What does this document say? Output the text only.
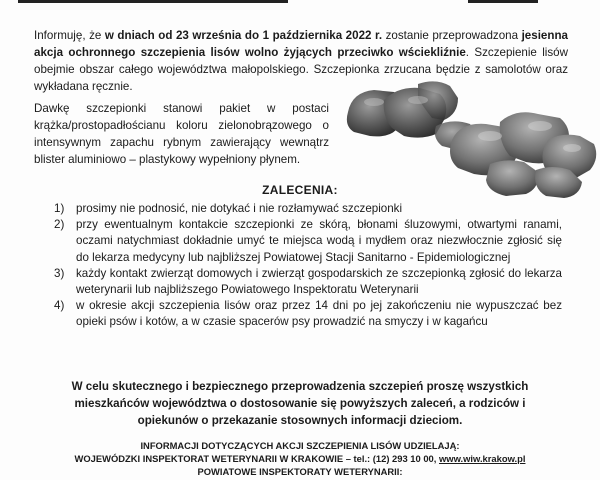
Informuję, że w dniach od 23 września do 1 października 2022 r. zostanie przeprowadzona jesienna akcja ochronnego szczepienia lisów wolno żyjących przeciwko wściekliźnie. Szczepienie lisów obejmie obszar całego województwa małopolskiego. Szczepionka zrzucana będzie z samolotów oraz wykładana ręcznie.

Dawkę szczepionki stanowi pakiet w postaci krążka/prostopadłościanu koloru zielonobrązowego o intensywnym zapachu rybnym zawierający wewnątrz blister aluminiowo – plastykowy wypełniony płynem.

ZALECENIA:
1) prosimy nie podnosić, nie dotykać i nie rozłamywać szczepionki
2) przy ewentualnym kontakcie szczepionki ze skórą, błonami śluzowymi, otwartymi ranami, oczami natychmiast dokładnie umyć te miejsca wodą i mydłem oraz niezwłocznie zgłosić się do lekarza medycyny lub najbliższej Powiatowej Stacji Sanitarno - Epidemiologicznej
3) każdy kontakt zwierząt domowych i zwierząt gospodarskich ze szczepionką zgłosić do lekarza weterynarii lub najbliższego Powiatowego Inspektoratu Weterynarii
4) w okresie akcji szczepienia lisów oraz przez 14 dni po jej zakończeniu nie wypuszczać bez opieki psów i kotów, a w czasie spacerów psy prowadzić na smyczy i w kagańcu

W celu skutecznego i bezpiecznego przeprowadzenia szczepień proszę wszystkich mieszkańców województwa o dostosowanie się powyższych zaleceń, a rodziców i opiekunów o przekazanie stosownych informacji dzieciom.

INFORMACJI DOTYCZĄCYCH AKCJI SZCZEPIENIA LISÓW UDZIELAJĄ:

WOJEWÓDZKI INSPEKTORAT WETERYNARII W KRAKOWIE – tel.: (12) 293 10 00, www.wiw.krakow.pl

POWIATOWE INSPEKTORATY WETERYNARII:
